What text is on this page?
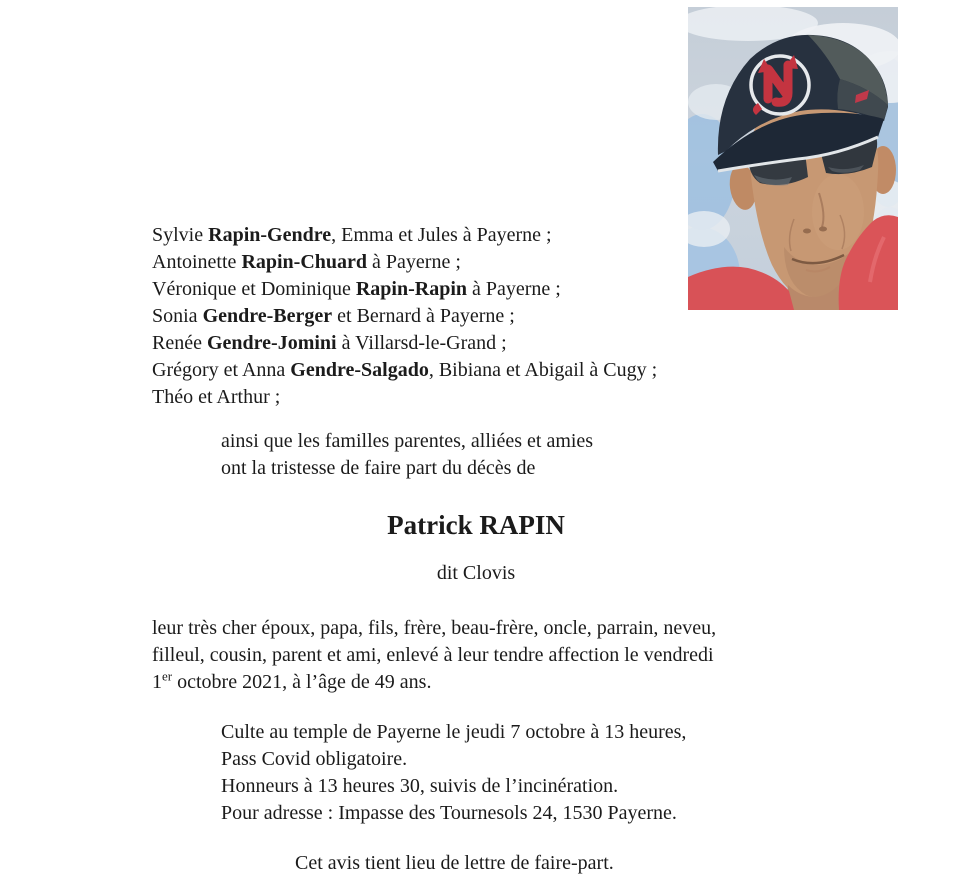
Sylvie Rapin-Gendre, Emma et Jules à Payerne ;
Antoinette Rapin-Chuard à Payerne ;
Véronique et Dominique Rapin-Rapin à Payerne ;
Sonia Gendre-Berger et Bernard à Payerne ;
Renée Gendre-Jomini à Villarsd-le-Grand ;
Grégory et Anna Gendre-Salgado, Bibiana et Abigail à Cugy ;
Théo et Arthur ;
ainsi que les familles parentes, alliées et amies
ont la tristesse de faire part du décès de
Patrick RAPIN
dit Clovis
leur très cher époux, papa, fils, frère, beau-frère, oncle, parrain, neveu,
filleul, cousin, parent et ami, enlevé à leur tendre affection le vendredi
1er octobre 2021, à l’âge de 49 ans.
Culte au temple de Payerne le jeudi 7 octobre à 13 heures,
Pass Covid obligatoire.
Honneurs à 13 heures 30, suivis de l’incinération.
Pour adresse : Impasse des Tournesols 24, 1530 Payerne.
Cet avis tient lieu de lettre de faire-part.
